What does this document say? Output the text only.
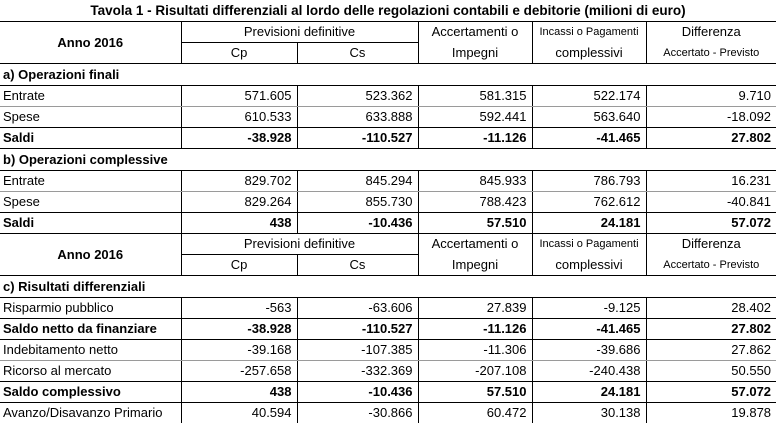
Tavola 1 - Risultati differenziali al lordo delle regolazioni contabili e debitorie (milioni di euro)					
Anno 2016	Previsioni definitive		Accertamenti o	Incassi o Pagamenti	Differenza
	Cp	Cs	Impegni	complessivi	Accertato - Previsto
a) Operazioni finali					
Entrate	571.605	523.362	581.315	522.174	9.710
Spese	610.533	633.888	592.441	563.640	-18.092
Saldi	-38.928	-110.527	-11.126	-41.465	27.802
b) Operazioni complessive					
Entrate	829.702	845.294	845.933	786.793	16.231
Spese	829.264	855.730	788.423	762.612	-40.841
Saldi	438	-10.436	57.510	24.181	57.072
Anno 2016	Previsioni definitive		Accertamenti o	Incassi o Pagamenti	Differenza
	Cp	Cs	Impegni	complessivi	Accertato - Previsto
c) Risultati differenziali					
Risparmio pubblico	-563	-63.606	27.839	-9.125	28.402
Saldo netto da finanziare	-38.928	-110.527	-11.126	-41.465	27.802
Indebitamento netto	-39.168	-107.385	-11.306	-39.686	27.862
Ricorso al mercato	-257.658	-332.369	-207.108	-240.438	50.550
Saldo complessivo	438	-10.436	57.510	24.181	57.072
Avanzo/Disavanzo Primario	40.594	-30.866	60.472	30.138	19.878
